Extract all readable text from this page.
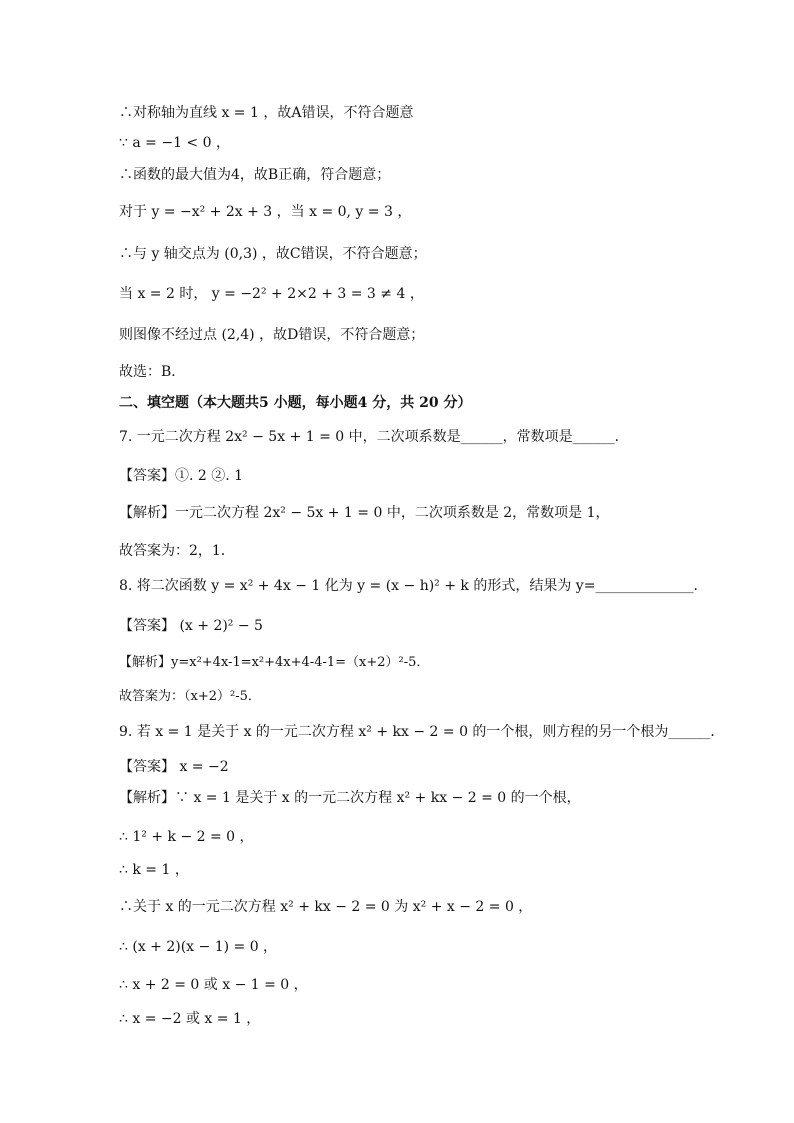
∴对称轴为直线 x = 1 ，故A错误，不符合题意
∵ a = −1 < 0 ，
∴函数的最大值为4，故B正确，符合题意；
对于 y = −x² + 2x + 3 ，当 x = 0, y = 3 ，
∴与 y 轴交点为 (0,3) ，故C错误，不符合题意；
当 x = 2 时， y = −2² + 2×2 + 3 = 3 ≠ 4 ，
则图像不经过点 (2,4) ，故D错误，不符合题意；
故选：B．
二、填空题（本大题共5 小题，每小题4 分，共 20 分）
7. 一元二次方程 2x² − 5x + 1 = 0 中，二次项系数是______，常数项是______．
【答案】①. 2 ②. 1
【解析】一元二次方程 2x² − 5x + 1 = 0 中，二次项系数是 2，常数项是 1，
故答案为：2，1．
8. 将二次函数 y = x² + 4x − 1 化为 y = (x − h)² + k 的形式，结果为 y=______________．
【答案】 (x + 2)² − 5
【解析】y=x²+4x-1=x²+4x+4-4-1=（x+2）²-5．
故答案为：（x+2）²-5．
9. 若 x = 1 是关于 x 的一元二次方程 x² + kx − 2 = 0 的一个根，则方程的另一个根为______．
【答案】 x = −2
【解析】∵ x = 1 是关于 x 的一元二次方程 x² + kx − 2 = 0 的一个根，
∴ 1² + k − 2 = 0 ，
∴ k = 1 ，
∴关于 x 的一元二次方程 x² + kx − 2 = 0 为 x² + x − 2 = 0 ，
∴ (x + 2)(x − 1) = 0 ，
∴ x + 2 = 0 或 x − 1 = 0 ，
∴ x = −2 或 x = 1 ，
